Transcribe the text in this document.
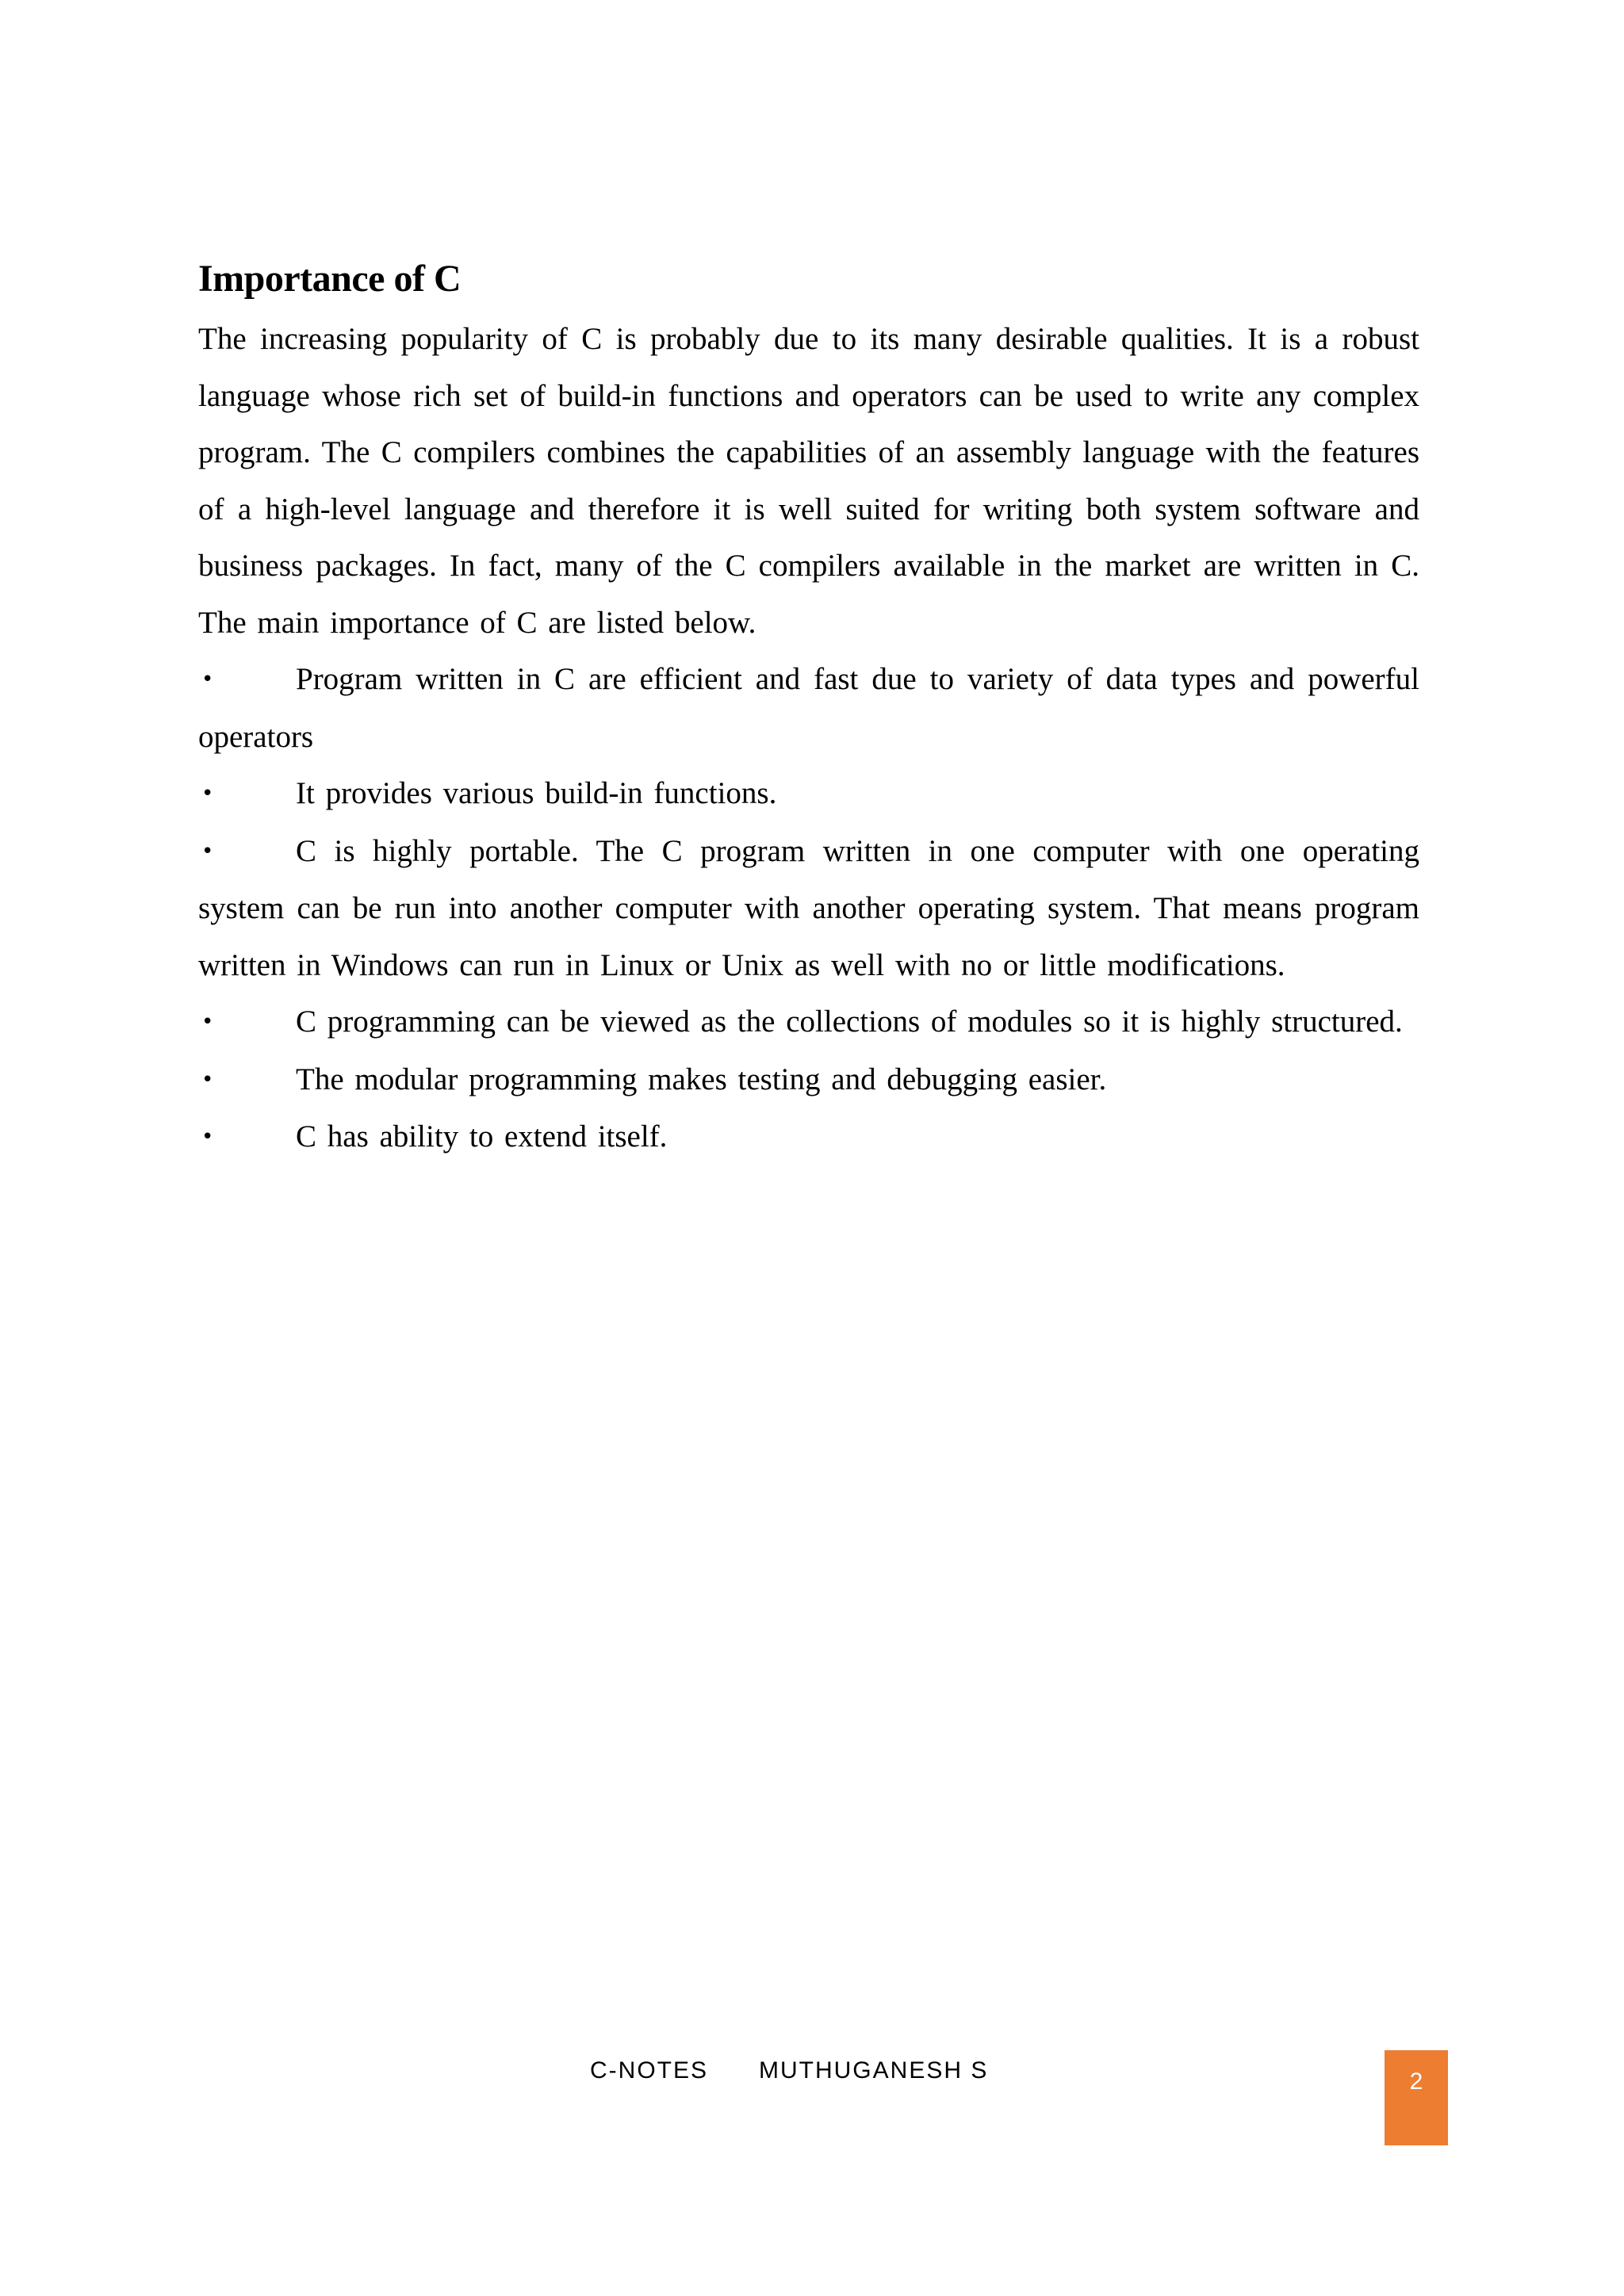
Importance of C

The increasing popularity of C is probably due to its many desirable qualities. It is a robust language whose rich set of build-in functions and operators can be used to write any complex program. The C compilers combines the capabilities of an assembly language with the features of a high-level language and therefore it is well suited for writing both system software and business packages. In fact, many of the C compilers available in the market are written in C. The main importance of C are listed below.

•	Program written in C are efficient and fast due to variety of data types and powerful operators

•	It provides various build-in functions.

•	C is highly portable. The C program written in one computer with one operating system can be run into another computer with another operating system. That means program written in Windows can run in Linux or Unix as well with no or little modifications.

•	C programming can be viewed as the collections of modules so it is highly structured.

•	The modular programming makes testing and debugging easier.

•	C has ability to extend itself.

C-NOTES MUTHUGANESH S	2
